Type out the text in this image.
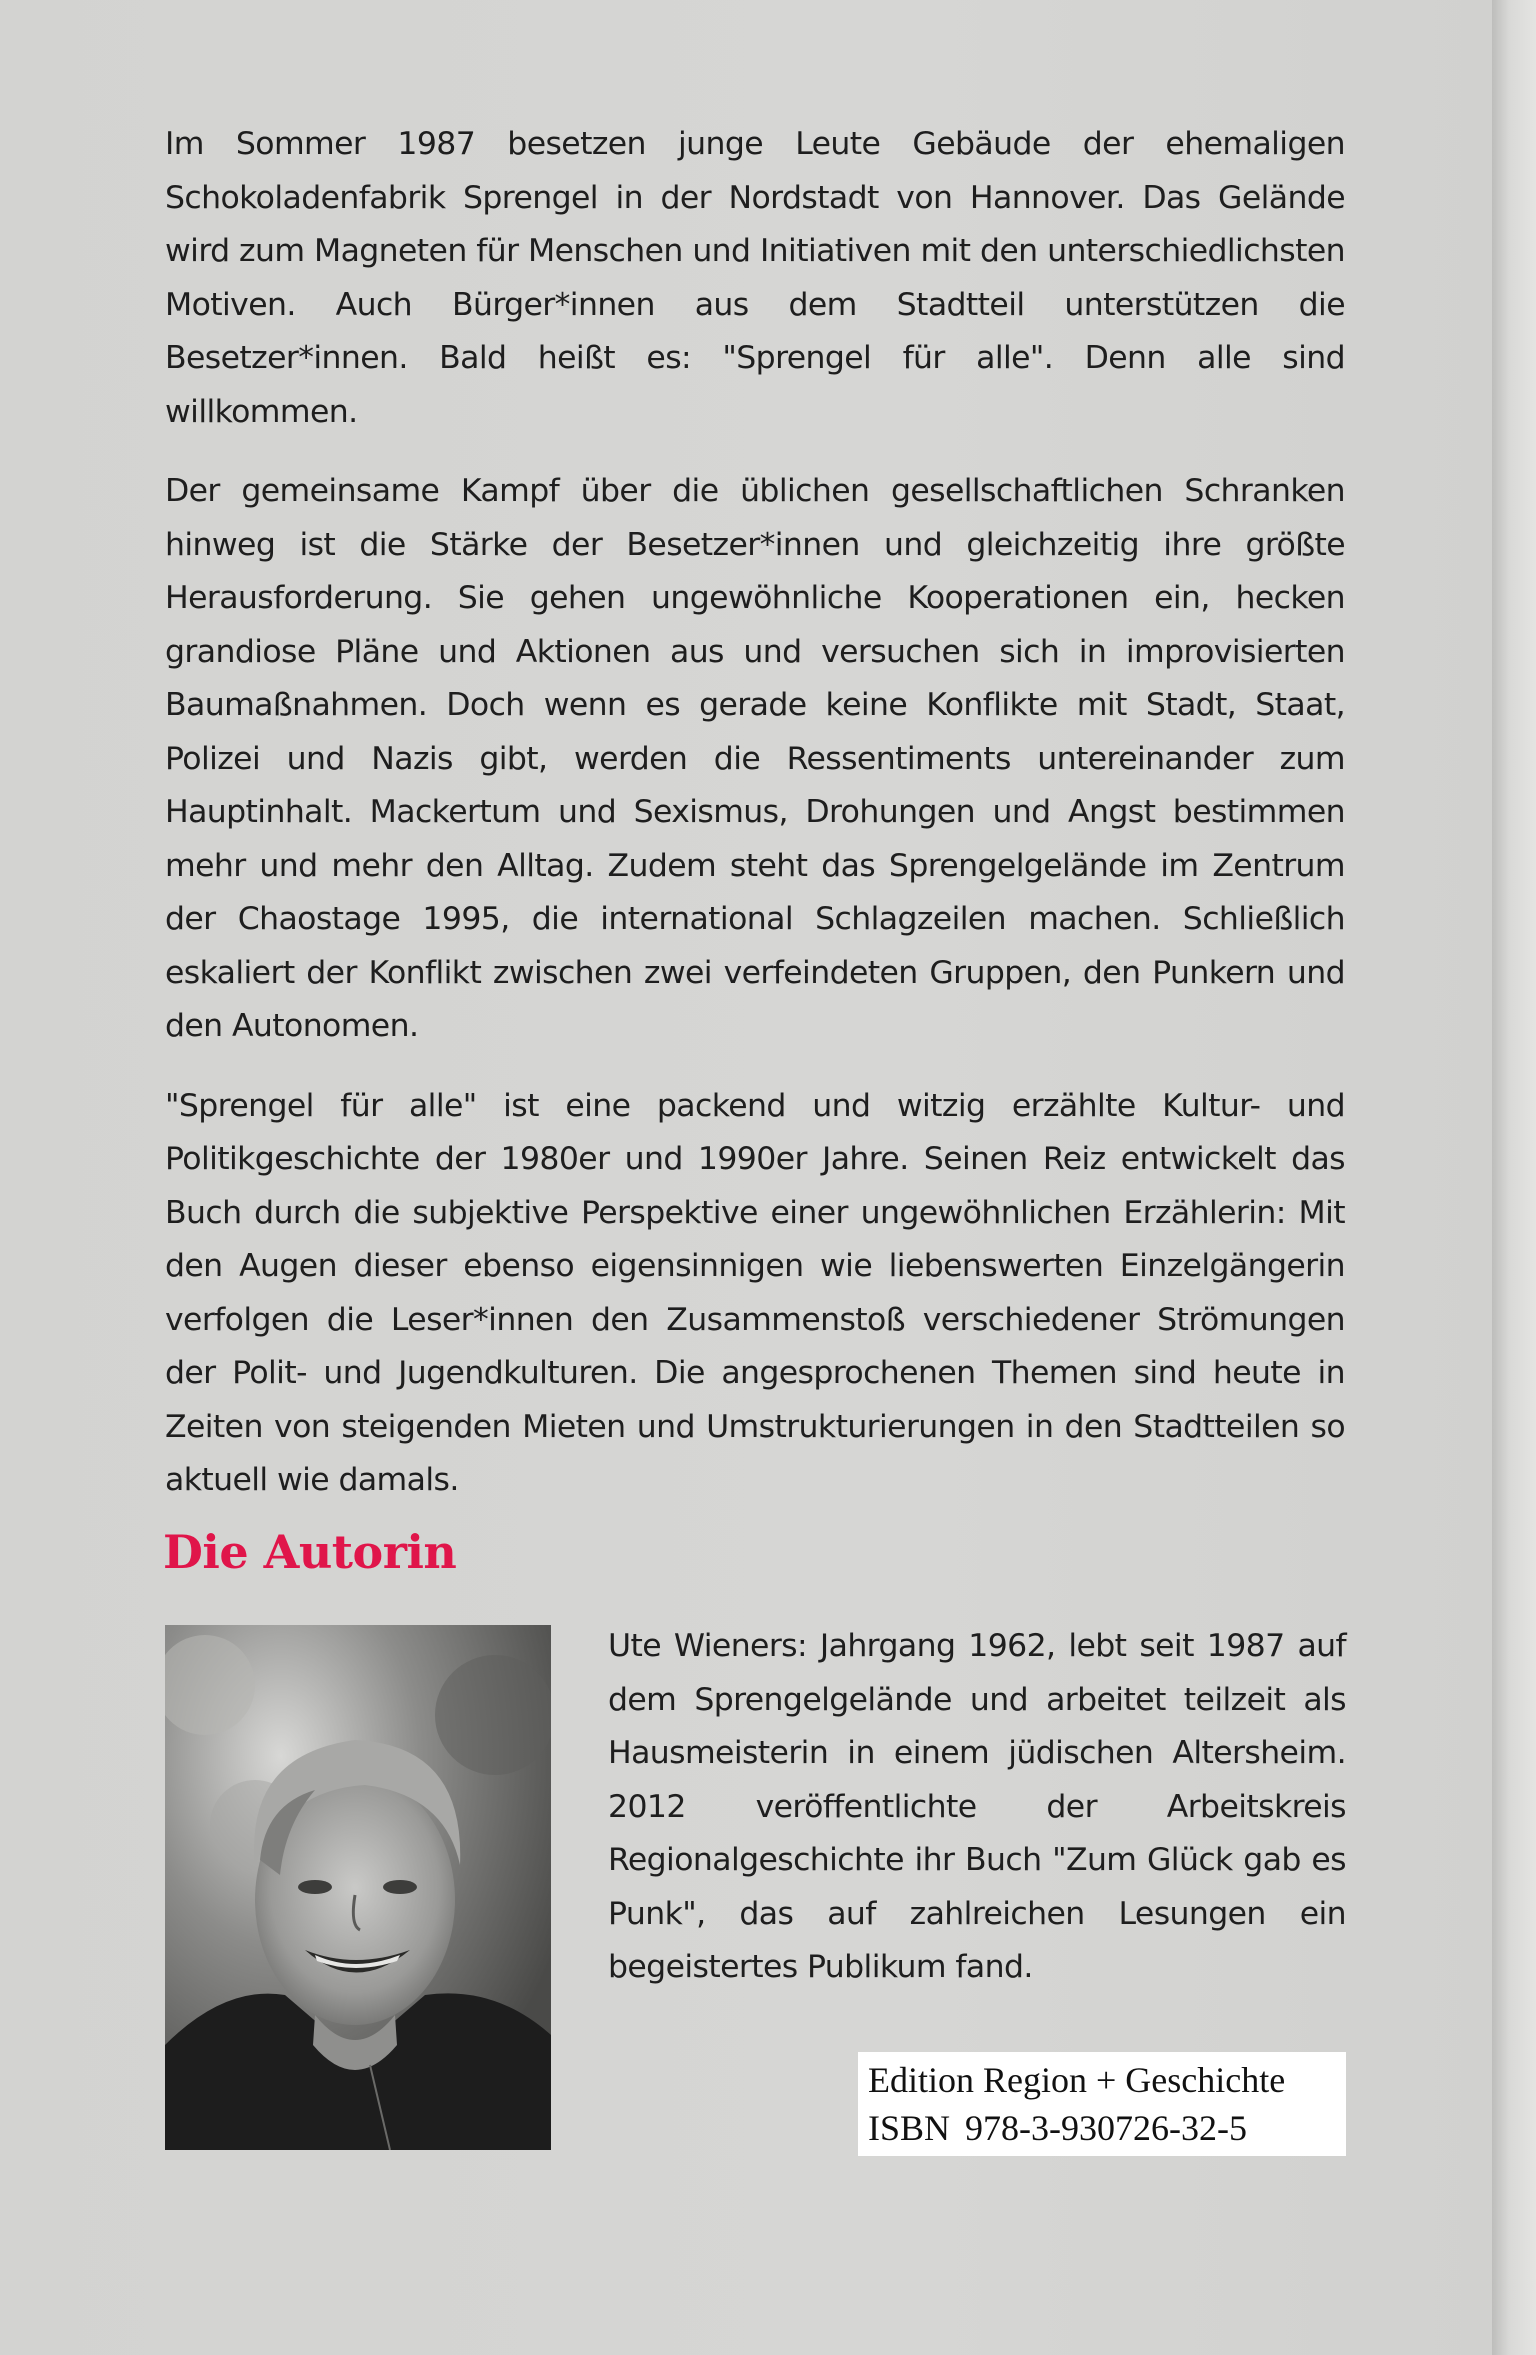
Im Sommer 1987 besetzen junge Leute Gebäude der ehemaligen Schokoladenfabrik Sprengel in der Nordstadt von Hannover. Das Gelände wird zum Magneten für Menschen und Initiativen mit den unterschiedlichsten Motiven. Auch Bürger*innen aus dem Stadtteil unterstützen die Besetzer*innen. Bald heißt es: "Sprengel für alle". Denn alle sind willkommen.

Der gemeinsame Kampf über die üblichen gesellschaftlichen Schranken hinweg ist die Stärke der Besetzer*innen und gleichzeitig ihre größte Herausforderung. Sie gehen ungewöhnliche Kooperationen ein, hecken grandiose Pläne und Aktionen aus und versuchen sich in improvisierten Baumaßnahmen. Doch wenn es gerade keine Konflikte mit Stadt, Staat, Polizei und Nazis gibt, werden die Ressentiments untereinander zum Hauptinhalt. Mackertum und Sexismus, Drohungen und Angst bestimmen mehr und mehr den Alltag. Zudem steht das Sprengelgelände im Zentrum der Chaostage 1995, die international Schlagzeilen machen. Schließlich eskaliert der Konflikt zwischen zwei verfeindeten Gruppen, den Punkern und den Autonomen.

"Sprengel für alle" ist eine packend und witzig erzählte Kultur- und Politikgeschichte der 1980er und 1990er Jahre. Seinen Reiz entwickelt das Buch durch die subjektive Perspektive einer ungewöhnlichen Erzählerin: Mit den Augen dieser ebenso eigensinnigen wie liebenswerten Einzelgängerin verfolgen die Leser*innen den Zusammenstoß verschiedener Strömungen der Polit- und Jugendkulturen. Die angesprochenen Themen sind heute in Zeiten von steigenden Mieten und Umstrukturierungen in den Stadtteilen so aktuell wie damals.

Die Autorin

Ute Wieners: Jahrgang 1962, lebt seit 1987 auf dem Sprengelgelände und arbeitet teilzeit als Hausmeisterin in einem jüdischen Altersheim. 2012 veröffentlichte der Arbeitskreis Regionalgeschichte ihr Buch "Zum Glück gab es Punk", das auf zahlreichen Lesungen ein begeistertes Publikum fand.

Edition Region + Geschichte
ISBN 978-3-930726-32-5
